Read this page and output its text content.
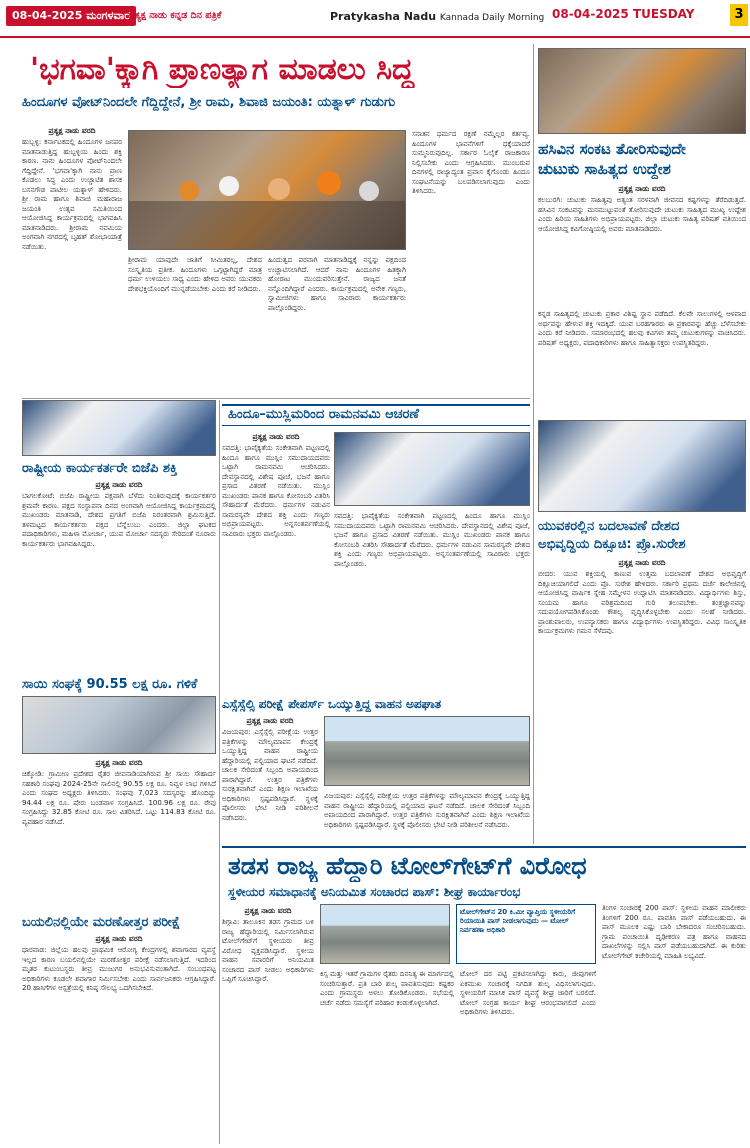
08-04-2025 ಮಂಗಳವಾರ
ಪ್ರತ್ಯಕ್ಷ ನಾಡು ಕನ್ನಡ ದಿನ ಪತ್ರಿಕೆ	Pratykasha Nadu Kannada Daily Morning 08-04-2025 TUESDAY	3
'ಭಗವಾ'ಕ್ಕಾಗಿ ಪ್ರಾಣತ್ಯಾಗ ಮಾಡಲು ಸಿದ್ಧ
ಹಿಂದೂಗಳ ವೋಟ್‌ನಿಂದಲೇ ಗೆದ್ದಿದ್ದೇನೆ, ಶ್ರೀ ರಾಮ, ಶಿವಾಜಿ ಜಯಂತಿ: ಯತ್ನಾಳ್ ಗುಡುಗು
ಪ್ರತ್ಯಕ್ಷ ನಾಡು ವರದಿ
ಹುಬ್ಬಳ್ಳಿ: ಕರ್ನಾಟಕದಲ್ಲಿ ಹಿಂದೂಗಳ ಜನಪರ ಮಾತನಾಡುತ್ತಿದ್ದ ಹುಬ್ಬಳ್ಳಿಯ ಹಿಂದು ಶಕ್ತಿ ಕಾರಣ. ನಾನು ಹಿಂದೂಗಳ ವೋಟ್‌ನಿಂದಲೇ ಗೆದ್ದಿದ್ದೇನೆ. 'ಭಗವಾ'ಕ್ಕಾಗಿ ನಾನು ಪ್ರಾಣ ಕೊಡಲು ಸಿದ್ಧ ಎಂದು ಉಚ್ಚಾಟಿತ ಶಾಸಕ ಬಸನಗೌಡ ಪಾಟೀಲ ಯತ್ನಾಳ್ ಹೇಳಿದರು. ಶ್ರೀ ರಾಮ ಹಾಗೂ ಶಿವಾಜಿ ಮಹಾರಾಜ ಜಯಂತಿ ಉತ್ಸವ ಸಮಿತಿಯಿಂದ ಆಯೋಜಿಸಿದ್ದ ಕಾರ್ಯಕ್ರಮದಲ್ಲಿ ಭಾಗವಹಿಸಿ ಮಾತನಾಡಿದರು. ಶ್ರೀರಾಮ ನವಮಿಯ ಅಂಗವಾಗಿ ನಗರದಲ್ಲಿ ಬೃಹತ್ ಶೋಭಾಯಾತ್ರೆ ನಡೆಯಿತು.
ಶ್ರೀರಾಮ ಯಾವುದೇ ಜಾತಿಗೆ ಸೀಮಿತರಲ್ಲ, ದೇಶದ ಸಂಸ್ಕೃತಿಯ ಪ್ರತೀಕ. ಹಿಂದೂಗಳು ಒಗ್ಗಟ್ಟಾಗಿದ್ದರೆ ಮಾತ್ರ ಧರ್ಮ ಉಳಿಯಲು ಸಾಧ್ಯ ಎಂದು ಹೇಳಿದ ಅವರು ಯುವಕರು ದೇಶಭಕ್ತಿಯೊಂದಿಗೆ ಮುನ್ನಡೆಯಬೇಕು ಎಂದು ಕರೆ ನೀಡಿದರು.
ಹಿಂದುತ್ವದ ಪರವಾಗಿ ಮಾತನಾಡಿದ್ದಕ್ಕೆ ನನ್ನನ್ನು ಪಕ್ಷದಿಂದ ಉಚ್ಚಾಟಿಸಲಾಗಿದೆ. ಆದರೆ ನಾನು ಹಿಂದೂಗಳ ಹಿತಕ್ಕಾಗಿ ಹೋರಾಟ ಮುಂದುವರಿಸುತ್ತೇನೆ. ರಾಜ್ಯದ ಜನತೆ ನನ್ನೊಂದಿಗಿದ್ದಾರೆ ಎಂದರು. ಕಾರ್ಯಕ್ರಮದಲ್ಲಿ ಅನೇಕ ಗಣ್ಯರು, ಸ್ವಾಮೀಜಿಗಳು ಹಾಗೂ ಸಾವಿರಾರು ಕಾರ್ಯಕರ್ತರು ಪಾಲ್ಗೊಂಡಿದ್ದರು.
ಸನಾತನ ಧರ್ಮದ ರಕ್ಷಣೆ ನಮ್ಮೆಲ್ಲರ ಕರ್ತವ್ಯ. ಹಿಂದೂಗಳ ಭಾವನೆಗಳಿಗೆ ಧಕ್ಕೆಯಾದರೆ ಸುಮ್ಮನಿರುವುದಿಲ್ಲ. ಸರ್ಕಾರ ಓಲೈಕೆ ರಾಜಕಾರಣ ನಿಲ್ಲಿಸಬೇಕು ಎಂದು ಆಗ್ರಹಿಸಿದರು. ಮುಂಬರುವ ದಿನಗಳಲ್ಲಿ ರಾಜ್ಯಾದ್ಯಂತ ಪ್ರವಾಸ ಕೈಗೊಂಡು ಹಿಂದೂ ಸಂಘಟನೆಯನ್ನು ಬಲಪಡಿಸಲಾಗುವುದು ಎಂದು ತಿಳಿಸಿದರು.
ಹಸಿವಿನ ಸಂಕಟ ತೋರಿಸುವುದೇ
ಚುಟುಕು ಸಾಹಿತ್ಯದ ಉದ್ದೇಶ
ಪ್ರತ್ಯಕ್ಷ ನಾಡು ವರದಿ
ಕಲಬುರಗಿ: ಚುಟುಕು ಸಾಹಿತ್ಯವು ಅತ್ಯಂತ ಸರಳವಾಗಿ ಜೀವನದ ಕಷ್ಟಗಳನ್ನು ತೆರೆದಿಡುತ್ತದೆ. ಹಸಿವಿನ ಸಂಕಟವನ್ನು ಮನಮುಟ್ಟುವಂತೆ ತೋರಿಸುವುದೇ ಚುಟುಕು ಸಾಹಿತ್ಯದ ಮುಖ್ಯ ಉದ್ದೇಶ ಎಂದು ಹಿರಿಯ ಸಾಹಿತಿಗಳು ಅಭಿಪ್ರಾಯಪಟ್ಟರು. ಜಿಲ್ಲಾ ಚುಟುಕು ಸಾಹಿತ್ಯ ಪರಿಷತ್ ವತಿಯಿಂದ ಆಯೋಜಿಸಿದ್ದ ಕವಿಗೋಷ್ಠಿಯಲ್ಲಿ ಅವರು ಮಾತನಾಡಿದರು.
ಕನ್ನಡ ಸಾಹಿತ್ಯದಲ್ಲಿ ಚುಟುಕು ಪ್ರಕಾರ ವಿಶಿಷ್ಟ ಸ್ಥಾನ ಪಡೆದಿದೆ. ಕೆಲವೇ ಸಾಲುಗಳಲ್ಲಿ ಆಳವಾದ ಅರ್ಥವನ್ನು ಹೇಳುವ ಶಕ್ತಿ ಇದಕ್ಕಿದೆ. ಯುವ ಬರಹಗಾರರು ಈ ಪ್ರಕಾರವನ್ನು ಹೆಚ್ಚು ಬೆಳೆಸಬೇಕು ಎಂದು ಕರೆ ನೀಡಿದರು. ಸಮಾರಂಭದಲ್ಲಿ ಹಲವು ಕವಿಗಳು ತಮ್ಮ ಚುಟುಕುಗಳನ್ನು ವಾಚಿಸಿದರು. ಪರಿಷತ್ ಅಧ್ಯಕ್ಷರು, ಪದಾಧಿಕಾರಿಗಳು ಹಾಗೂ ಸಾಹಿತ್ಯಾಸಕ್ತರು ಉಪಸ್ಥಿತರಿದ್ದರು.
ರಾಷ್ಟ್ರೀಯ ಕಾರ್ಯಕರ್ತರೇ ಬಿಜೆಪಿ ಶಕ್ತಿ
ಪ್ರತ್ಯಕ್ಷ ನಾಡು ವರದಿ
ಬಾಗಲಕೋಟೆ: ಬಿಜೆಪಿ ರಾಷ್ಟ್ರೀಯ ಪಕ್ಷವಾಗಿ ಬೆಳೆದು ನಿಂತಿರುವುದಕ್ಕೆ ಕಾರ್ಯಕರ್ತರ ಶ್ರಮವೇ ಕಾರಣ. ಪಕ್ಷದ ಸಂಸ್ಥಾಪನಾ ದಿನದ ಅಂಗವಾಗಿ ಆಯೋಜಿಸಿದ್ದ ಕಾರ್ಯಕ್ರಮದಲ್ಲಿ ಮುಖಂಡರು ಮಾತನಾಡಿ, ದೇಶದ ಪ್ರಗತಿಗೆ ಬಿಜೆಪಿ ನಿರಂತರವಾಗಿ ಶ್ರಮಿಸುತ್ತಿದೆ. ತಳಮಟ್ಟದ ಕಾರ್ಯಕರ್ತರು ಪಕ್ಷದ ಬೆನ್ನೆಲುಬು ಎಂದರು. ಜಿಲ್ಲಾ ಘಟಕದ ಪದಾಧಿಕಾರಿಗಳು, ಮಹಿಳಾ ಮೋರ್ಚಾ, ಯುವ ಮೋರ್ಚಾ ಸದಸ್ಯರು ಸೇರಿದಂತೆ ನೂರಾರು ಕಾರ್ಯಕರ್ತರು ಭಾಗವಹಿಸಿದ್ದರು.
ಸಾಯಿ ಸಂಘಕ್ಕೆ 90.55 ಲಕ್ಷ ರೂ. ಗಳಿಕೆ
ಪ್ರತ್ಯಕ್ಷ ನಾಡು ವರದಿ
ಚಿಕ್ಕೋಡಿ: ಗ್ರಾಮೀಣ ಪ್ರದೇಶದ ರೈತರ ಜೀವನಾಡಿಯಾಗಿರುವ ಶ್ರೀ ಸಾಯಿ ಸೌಹಾರ್ದ ಸಹಕಾರಿ ಸಂಘವು 2024-25ನೇ ಸಾಲಿನಲ್ಲಿ 90.55 ಲಕ್ಷ ರೂ. ನಿವ್ವಳ ಲಾಭ ಗಳಿಸಿದೆ ಎಂದು ಸಂಘದ ಅಧ್ಯಕ್ಷರು ತಿಳಿಸಿದರು. ಸಂಘವು 7,023 ಸದಸ್ಯರನ್ನು ಹೊಂದಿದ್ದು 94.44 ಲಕ್ಷ ರೂ. ಷೇರು ಬಂಡವಾಳ ಸಂಗ್ರಹಿಸಿದೆ. 100.96 ಲಕ್ಷ ರೂ. ಠೇವು ಸಂಗ್ರಹಿಸಿದ್ದು 32.85 ಕೋಟಿ ರೂ. ಸಾಲ ವಿತರಿಸಿದೆ. ಒಟ್ಟು 114.83 ಕೋಟಿ ರೂ. ವ್ಯವಹಾರ ನಡೆಸಿದೆ.
ಬಯಲಿನಲ್ಲಿಯೇ ಮರಣೋತ್ತರ ಪರೀಕ್ಷೆ
ಪ್ರತ್ಯಕ್ಷ ನಾಡು ವರದಿ
ಧಾರವಾಡ: ಜಿಲ್ಲೆಯ ಹಲವು ಪ್ರಾಥಮಿಕ ಆರೋಗ್ಯ ಕೇಂದ್ರಗಳಲ್ಲಿ ಶವಾಗಾರದ ವ್ಯವಸ್ಥೆ ಇಲ್ಲದ ಕಾರಣ ಬಯಲಿನಲ್ಲಿಯೇ ಮರಣೋತ್ತರ ಪರೀಕ್ಷೆ ನಡೆಸಲಾಗುತ್ತಿದೆ. ಇದರಿಂದ ಮೃತರ ಕುಟುಂಬಸ್ಥರು ತೀವ್ರ ಮುಜುಗರ ಅನುಭವಿಸುವಂತಾಗಿದೆ. ಸಂಬಂಧಪಟ್ಟ ಅಧಿಕಾರಿಗಳು ಕೂಡಲೇ ಶವಾಗಾರ ನಿರ್ಮಿಸಬೇಕು ಎಂದು ಸಾರ್ವಜನಿಕರು ಆಗ್ರಹಿಸಿದ್ದಾರೆ. 20 ಹಾಸಿಗೆಗಳ ಆಸ್ಪತ್ರೆಯಲ್ಲಿ ಕನಿಷ್ಠ ಸೌಲಭ್ಯ ಒದಗಿಸಬೇಕಿದೆ.
ಹಿಂದೂ–ಮುಸ್ಲಿಮರಿಂದ ರಾಮನವಮಿ ಆಚರಣೆ
ಪ್ರತ್ಯಕ್ಷ ನಾಡು ವರದಿ
ಸವದತ್ತಿ: ಭಾವೈಕ್ಯತೆಯ ಸಂಕೇತವಾಗಿ ಪಟ್ಟಣದಲ್ಲಿ ಹಿಂದೂ ಹಾಗೂ ಮುಸ್ಲಿಂ ಸಮುದಾಯದವರು ಒಟ್ಟಾಗಿ ರಾಮನವಮಿ ಆಚರಿಸಿದರು. ದೇವಸ್ಥಾನದಲ್ಲಿ ವಿಶೇಷ ಪೂಜೆ, ಭಜನೆ ಹಾಗೂ ಪ್ರಸಾದ ವಿತರಣೆ ನಡೆಯಿತು. ಮುಸ್ಲಿಂ ಮುಖಂಡರು ಪಾನಕ ಹಾಗೂ ಕೋಸಂಬರಿ ವಿತರಿಸಿ ಸೌಹಾರ್ದತೆ ಮೆರೆದರು. ಧರ್ಮಗಳ ನಡುವಿನ ಸಾಮರಸ್ಯವೇ ದೇಶದ ಶಕ್ತಿ ಎಂದು ಗಣ್ಯರು ಅಭಿಪ್ರಾಯಪಟ್ಟರು. ಅನ್ನಸಂತರ್ಪಣೆಯಲ್ಲಿ ಸಾವಿರಾರು ಭಕ್ತರು ಪಾಲ್ಗೊಂಡರು.
ಸವದತ್ತಿ: ಭಾವೈಕ್ಯತೆಯ ಸಂಕೇತವಾಗಿ ಪಟ್ಟಣದಲ್ಲಿ ಹಿಂದೂ ಹಾಗೂ ಮುಸ್ಲಿಂ ಸಮುದಾಯದವರು ಒಟ್ಟಾಗಿ ರಾಮನವಮಿ ಆಚರಿಸಿದರು. ದೇವಸ್ಥಾನದಲ್ಲಿ ವಿಶೇಷ ಪೂಜೆ, ಭಜನೆ ಹಾಗೂ ಪ್ರಸಾದ ವಿತರಣೆ ನಡೆಯಿತು. ಮುಸ್ಲಿಂ ಮುಖಂಡರು ಪಾನಕ ಹಾಗೂ ಕೋಸಂಬರಿ ವಿತರಿಸಿ ಸೌಹಾರ್ದತೆ ಮೆರೆದರು. ಧರ್ಮಗಳ ನಡುವಿನ ಸಾಮರಸ್ಯವೇ ದೇಶದ ಶಕ್ತಿ ಎಂದು ಗಣ್ಯರು ಅಭಿಪ್ರಾಯಪಟ್ಟರು. ಅನ್ನಸಂತರ್ಪಣೆಯಲ್ಲಿ ಸಾವಿರಾರು ಭಕ್ತರು ಪಾಲ್ಗೊಂಡರು.
ಎಸ್ಸೆಸ್ಸೆಲ್ಸಿ ಪರೀಕ್ಷೆ ಪೇಪರ್ಸ್ ಒಯ್ಯುತ್ತಿದ್ದ ವಾಹನ ಅಪಘಾತ
ಪ್ರತ್ಯಕ್ಷ ನಾಡು ವರದಿ
ವಿಜಯಪುರ: ಎಸ್ಸೆಸ್ಸೆಲ್ಸಿ ಪರೀಕ್ಷೆಯ ಉತ್ತರ ಪತ್ರಿಕೆಗಳನ್ನು ಮೌಲ್ಯಮಾಪನ ಕೇಂದ್ರಕ್ಕೆ ಒಯ್ಯುತ್ತಿದ್ದ ವಾಹನ ರಾಷ್ಟ್ರೀಯ ಹೆದ್ದಾರಿಯಲ್ಲಿ ಪಲ್ಟಿಯಾದ ಘಟನೆ ನಡೆದಿದೆ. ಚಾಲಕ ಸೇರಿದಂತೆ ಸಿಬ್ಬಂದಿ ಅಪಾಯದಿಂದ ಪಾರಾಗಿದ್ದಾರೆ. ಉತ್ತರ ಪತ್ರಿಕೆಗಳು ಸುರಕ್ಷಿತವಾಗಿವೆ ಎಂದು ಶಿಕ್ಷಣ ಇಲಾಖೆಯ ಅಧಿಕಾರಿಗಳು ಸ್ಪಷ್ಟಪಡಿಸಿದ್ದಾರೆ. ಸ್ಥಳಕ್ಕೆ ಪೊಲೀಸರು ಭೇಟಿ ನೀಡಿ ಪರಿಶೀಲನೆ ನಡೆಸಿದರು.
ವಿಜಯಪುರ: ಎಸ್ಸೆಸ್ಸೆಲ್ಸಿ ಪರೀಕ್ಷೆಯ ಉತ್ತರ ಪತ್ರಿಕೆಗಳನ್ನು ಮೌಲ್ಯಮಾಪನ ಕೇಂದ್ರಕ್ಕೆ ಒಯ್ಯುತ್ತಿದ್ದ ವಾಹನ ರಾಷ್ಟ್ರೀಯ ಹೆದ್ದಾರಿಯಲ್ಲಿ ಪಲ್ಟಿಯಾದ ಘಟನೆ ನಡೆದಿದೆ. ಚಾಲಕ ಸೇರಿದಂತೆ ಸಿಬ್ಬಂದಿ ಅಪಾಯದಿಂದ ಪಾರಾಗಿದ್ದಾರೆ. ಉತ್ತರ ಪತ್ರಿಕೆಗಳು ಸುರಕ್ಷಿತವಾಗಿವೆ ಎಂದು ಶಿಕ್ಷಣ ಇಲಾಖೆಯ ಅಧಿಕಾರಿಗಳು ಸ್ಪಷ್ಟಪಡಿಸಿದ್ದಾರೆ. ಸ್ಥಳಕ್ಕೆ ಪೊಲೀಸರು ಭೇಟಿ ನೀಡಿ ಪರಿಶೀಲನೆ ನಡೆಸಿದರು.
ಯುವಕರಲ್ಲಿನ ಬದಲಾವಣೆ ದೇಶದ
ಅಭಿವೃದ್ಧಿಯ ದಿಕ್ಸೂಚಿ: ಪ್ರೊ.ಸುರೇಶ
ಪ್ರತ್ಯಕ್ಷ ನಾಡು ವರದಿ
ಬೀದರ: ಯುವ ಶಕ್ತಿಯಲ್ಲಿ ಕಾಣುವ ಉತ್ತಮ ಬದಲಾವಣೆ ದೇಶದ ಅಭಿವೃದ್ಧಿಗೆ ದಿಕ್ಸೂಚಿಯಾಗಲಿದೆ ಎಂದು ಪ್ರೊ. ಸುರೇಶ ಹೇಳಿದರು. ಸರ್ಕಾರಿ ಪ್ರಥಮ ದರ್ಜೆ ಕಾಲೇಜಿನಲ್ಲಿ ಆಯೋಜಿಸಿದ್ದ ವಾರ್ಷಿಕ ಸ್ನೇಹ ಸಮ್ಮೇಳನ ಉದ್ಘಾಟಿಸಿ ಮಾತನಾಡಿದರು. ವಿದ್ಯಾರ್ಥಿಗಳು ಶಿಸ್ತು, ಸಂಯಮ ಹಾಗೂ ಪರಿಶ್ರಮದಿಂದ ಗುರಿ ತಲುಪಬೇಕು. ತಂತ್ರಜ್ಞಾನವನ್ನು ಸದುಪಯೋಗಪಡಿಸಿಕೊಂಡು ಕೌಶಲ್ಯ ವೃದ್ಧಿಸಿಕೊಳ್ಳಬೇಕು ಎಂದು ಸಲಹೆ ನೀಡಿದರು. ಪ್ರಾಂಶುಪಾಲರು, ಉಪನ್ಯಾಸಕರು ಹಾಗೂ ವಿದ್ಯಾರ್ಥಿಗಳು ಉಪಸ್ಥಿತರಿದ್ದರು. ವಿವಿಧ ಸಾಂಸ್ಕೃತಿಕ ಕಾರ್ಯಕ್ರಮಗಳು ಗಮನ ಸೆಳೆದವು.
ತಡಸ ರಾಜ್ಯ ಹೆದ್ದಾರಿ ಟೋಲ್‌ಗೇಟ್‌ಗೆ ವಿರೋಧ
ಸ್ಥಳೀಯರ ಸಮಾಧಾನಕ್ಕೆ ಅನಿಯಮಿತ ಸಂಚಾರದ ಪಾಸ್: ಶೀಘ್ರ ಕಾರ್ಯಾರಂಭ
ಪ್ರತ್ಯಕ್ಷ ನಾಡು ವರದಿ
ಶಿಗ್ಗಾವಿ: ತಾಲೂಕಿನ ತಡಸ ಗ್ರಾಮದ ಬಳಿ ರಾಜ್ಯ ಹೆದ್ದಾರಿಯಲ್ಲಿ ನಿರ್ಮಿಸಲಾಗಿರುವ ಟೋಲ್‌ಗೇಟ್‌ಗೆ ಸ್ಥಳೀಯರು ತೀವ್ರ ವಿರೋಧ ವ್ಯಕ್ತಪಡಿಸಿದ್ದಾರೆ. ಸ್ಥಳೀಯ ವಾಹನ ಸವಾರರಿಗೆ ಅನಿಯಮಿತ ಸಂಚಾರದ ಪಾಸ್ ನೀಡಲು ಅಧಿಕಾರಿಗಳು ಒಪ್ಪಿಗೆ ಸೂಚಿಸಿದ್ದಾರೆ.
ಟೋಲ್‌ಗೇಟ್‌ನ 20 ಕಿ.ಮೀ ವ್ಯಾಪ್ತಿಯ ಸ್ಥಳೀಯರಿಗೆ ರಿಯಾಯಿತಿ ಪಾಸ್ ನೀಡಲಾಗುವುದು — ಟೋಲ್ ನಿರ್ವಹಣಾ ಅಧಿಕಾರಿ
ಕಿಸ್ಸ ಮತ್ತು ಇತರೆ ಗ್ರಾಮಗಳ ರೈತರು ದಿನನಿತ್ಯ ಈ ಮಾರ್ಗದಲ್ಲಿ ಸಂಚರಿಸುತ್ತಾರೆ. ಪ್ರತಿ ಬಾರಿ ಶುಲ್ಕ ಪಾವತಿಸುವುದು ಕಷ್ಟಕರ ಎಂದು ಗ್ರಾಮಸ್ಥರು ಅಳಲು ತೋಡಿಕೊಂಡರು. ಸಭೆಯಲ್ಲಿ ಚರ್ಚೆ ನಡೆದು ಸಮಸ್ಯೆಗೆ ಪರಿಹಾರ ಕಂಡುಕೊಳ್ಳಲಾಗಿದೆ.
ಟೋಲ್ ದರ ಪಟ್ಟಿ ಪ್ರಕಟಿಸಲಾಗಿದ್ದು ಕಾರು, ಜೀಪುಗಳಿಗೆ ಏಕಮುಖ ಸಂಚಾರಕ್ಕೆ ನಿಗದಿತ ಶುಲ್ಕ ವಿಧಿಸಲಾಗುವುದು. ಸ್ಥಳೀಯರಿಗೆ ಮಾಸಿಕ ಪಾಸ್ ವ್ಯವಸ್ಥೆ ಶೀಘ್ರ ಜಾರಿಗೆ ಬರಲಿದೆ. ಟೋಲ್ ಸಂಗ್ರಹ ಕಾರ್ಯ ಶೀಘ್ರ ಆರಂಭವಾಗಲಿದೆ ಎಂದು ಅಧಿಕಾರಿಗಳು ತಿಳಿಸಿದರು.
ತಿಂಗಳ ಸಂಚಾರಕ್ಕೆ 200 ಪಾಸ್: ಸ್ಥಳೀಯ ವಾಹನ ಮಾಲೀಕರು ತಿಂಗಳಿಗೆ 200 ರೂ. ಪಾವತಿಸಿ ಪಾಸ್ ಪಡೆಯಬಹುದು. ಈ ಪಾಸ್ ಮೂಲಕ ಎಷ್ಟು ಬಾರಿ ಬೇಕಾದರೂ ಸಂಚರಿಸಬಹುದು. ಗ್ರಾಮ ಪಂಚಾಯಿತಿ ದೃಢೀಕರಣ ಪತ್ರ ಹಾಗೂ ವಾಹನದ ದಾಖಲೆಗಳನ್ನು ಸಲ್ಲಿಸಿ ಪಾಸ್ ಪಡೆಯಬಹುದಾಗಿದೆ. ಈ ಕುರಿತು ಟೋಲ್‌ಗೇಟ್ ಕಚೇರಿಯಲ್ಲಿ ಮಾಹಿತಿ ಲಭ್ಯವಿದೆ.
